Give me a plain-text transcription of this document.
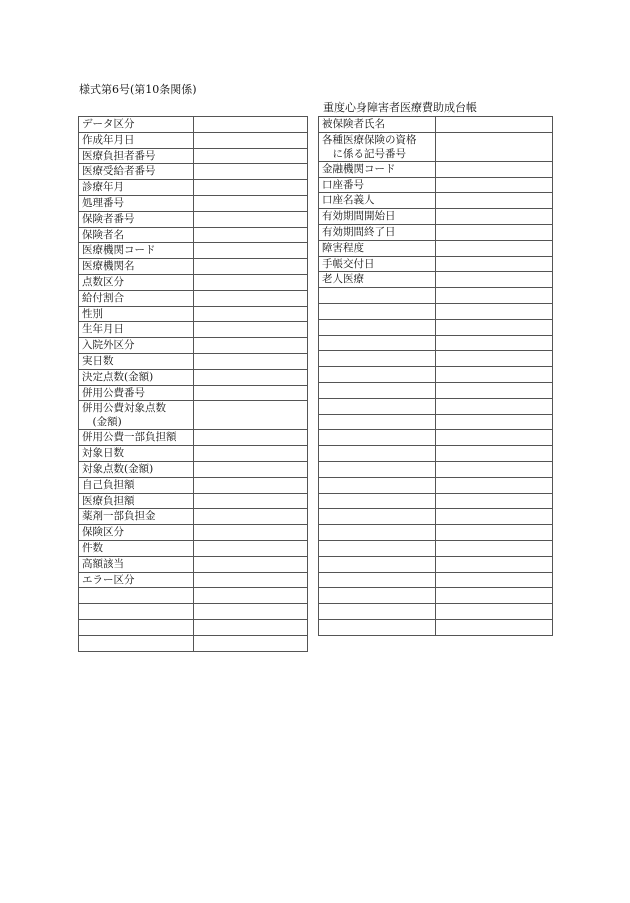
様式第6号(第10条関係)
重度心身障害者医療費助成台帳
データ区分	
作成年月日	
医療負担者番号	
医療受給者番号	
診療年月	
処理番号	
保険者番号	
保険者名	
医療機関コード	
医療機関名	
点数区分	
給付割合	
性別	
生年月日	
入院外区分	
実日数	
決定点数(金額)	
併用公費番号	
併用公費対象点数
　(金額)	
併用公費一部負担額	
対象日数	
対象点数(金額)	
自己負担額	
医療負担額	
薬剤一部負担金	
保険区分	
件数	
高額該当	
エラー区分	

被保険者氏名	
各種医療保険の資格
　に係る記号番号	
金融機関コード	
口座番号	
口座名義人	
有効期間開始日	
有効期間終了日	
障害程度	
手帳交付日	
老人医療	
